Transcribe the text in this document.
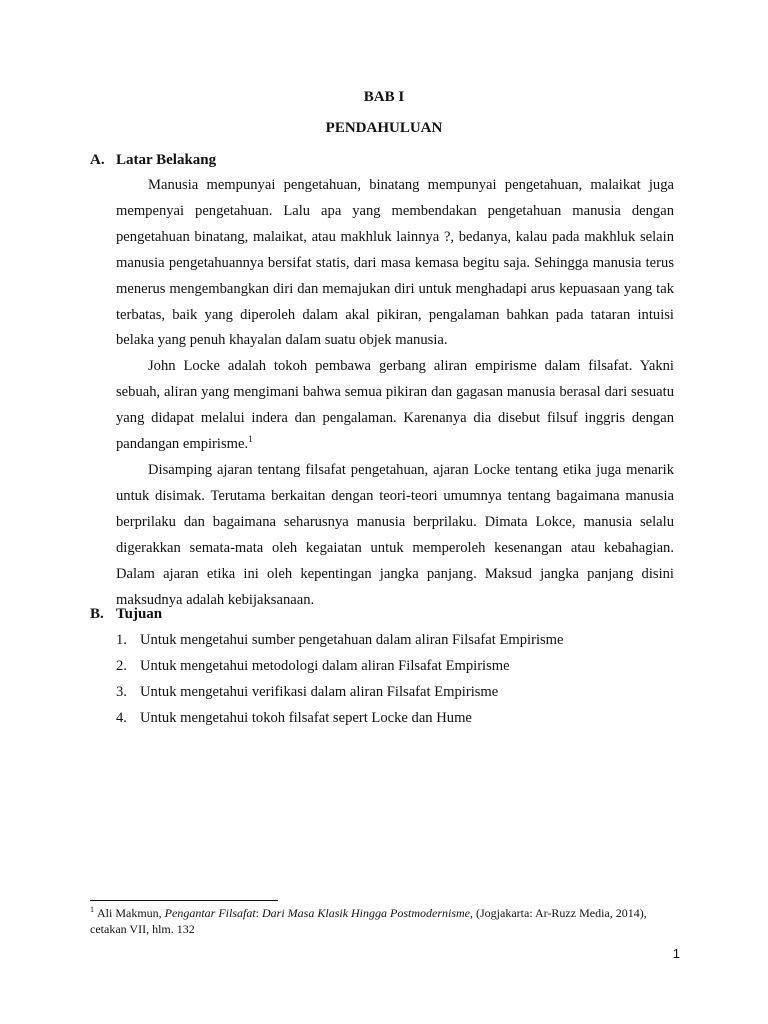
BAB I
PENDAHULUAN
A. Latar Belakang

Manusia mempunyai pengetahuan, binatang mempunyai pengetahuan, malaikat juga mempenyai pengetahuan. Lalu apa yang membendakan pengetahuan manusia dengan pengetahuan binatang, malaikat, atau makhluk lainnya ?, bedanya, kalau pada makhluk selain manusia pengetahuannya bersifat statis, dari masa kemasa begitu saja. Sehingga manusia terus menerus mengembangkan diri dan memajukan diri untuk menghadapi arus kepuasaan yang tak terbatas, baik yang diperoleh dalam akal pikiran, pengalaman bahkan pada tataran intuisi belaka yang penuh khayalan dalam suatu objek manusia.

John Locke adalah tokoh pembawa gerbang aliran empirisme dalam filsafat. Yakni sebuah, aliran yang mengimani bahwa semua pikiran dan gagasan manusia berasal dari sesuatu yang didapat melalui indera dan pengalaman. Karenanya dia disebut filsuf inggris dengan pandangan empirisme.$^1$

Disamping ajaran tentang filsafat pengetahuan, ajaran Locke tentang etika juga menarik untuk disimak. Terutama berkaitan dengan teori-teori umumnya tentang bagaimana manusia berprilaku dan bagaimana seharusnya manusia berprilaku. Dimata Lokce, manusia selalu digerakkan semata-mata oleh kegaiatan untuk memperoleh kesenangan atau kebahagian. Dalam ajaran etika ini oleh kepentingan jangka panjang. Maksud jangka panjang disini maksudnya adalah kebijaksanaan.

B. Tujuan
1. Untuk mengetahui sumber pengetahuan dalam aliran Filsafat Empirisme
2. Untuk mengetahui metodologi dalam aliran Filsafat Empirisme
3. Untuk mengetahui verifikasi dalam aliran Filsafat Empirisme
4. Untuk mengetahui tokoh filsafat sepert Locke dan Hume
$^1$ Ali Makmun, Pengantar Filsafat: Dari Masa Klasik Hingga Postmodernisme, (Jogjakarta: Ar-Ruzz Media, 2014), cetakan VII, hlm. 132
1
